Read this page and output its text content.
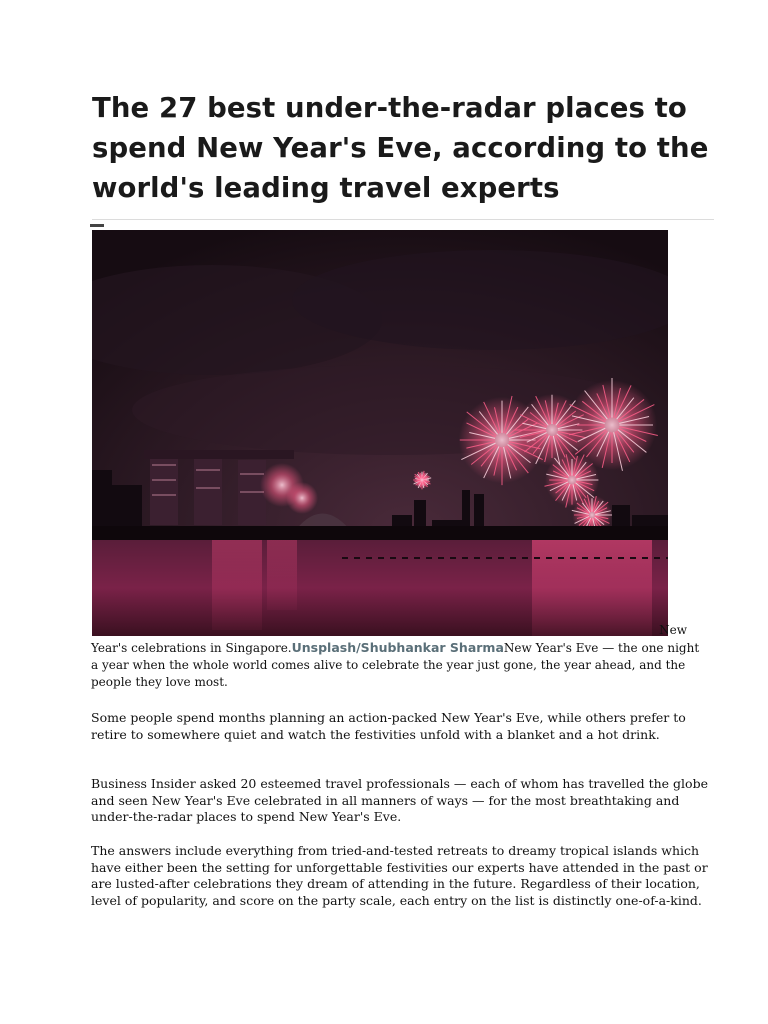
The 27 best under-the-radar places to spend New Year's Eve, according to the world's leading travel experts
New
Year's celebrations in Singapore.Unsplash/Shubhankar SharmaNew Year's Eve — the one night a year when the whole world comes alive to celebrate the year just gone, the year ahead, and the people they love most.

Some people spend months planning an action-packed New Year's Eve, while others prefer to retire to somewhere quiet and watch the festivities unfold with a blanket and a hot drink.

Business Insider asked 20 esteemed travel professionals — each of whom has travelled the globe and seen New Year's Eve celebrated in all manners of ways — for the most breathtaking and under-the-radar places to spend New Year's Eve.

The answers include everything from tried-and-tested retreats to dreamy tropical islands which have either been the setting for unforgettable festivities our experts have attended in the past or are lusted-after celebrations they dream of attending in the future. Regardless of their location, level of popularity, and score on the party scale, each entry on the list is distinctly one-of-a-kind.
